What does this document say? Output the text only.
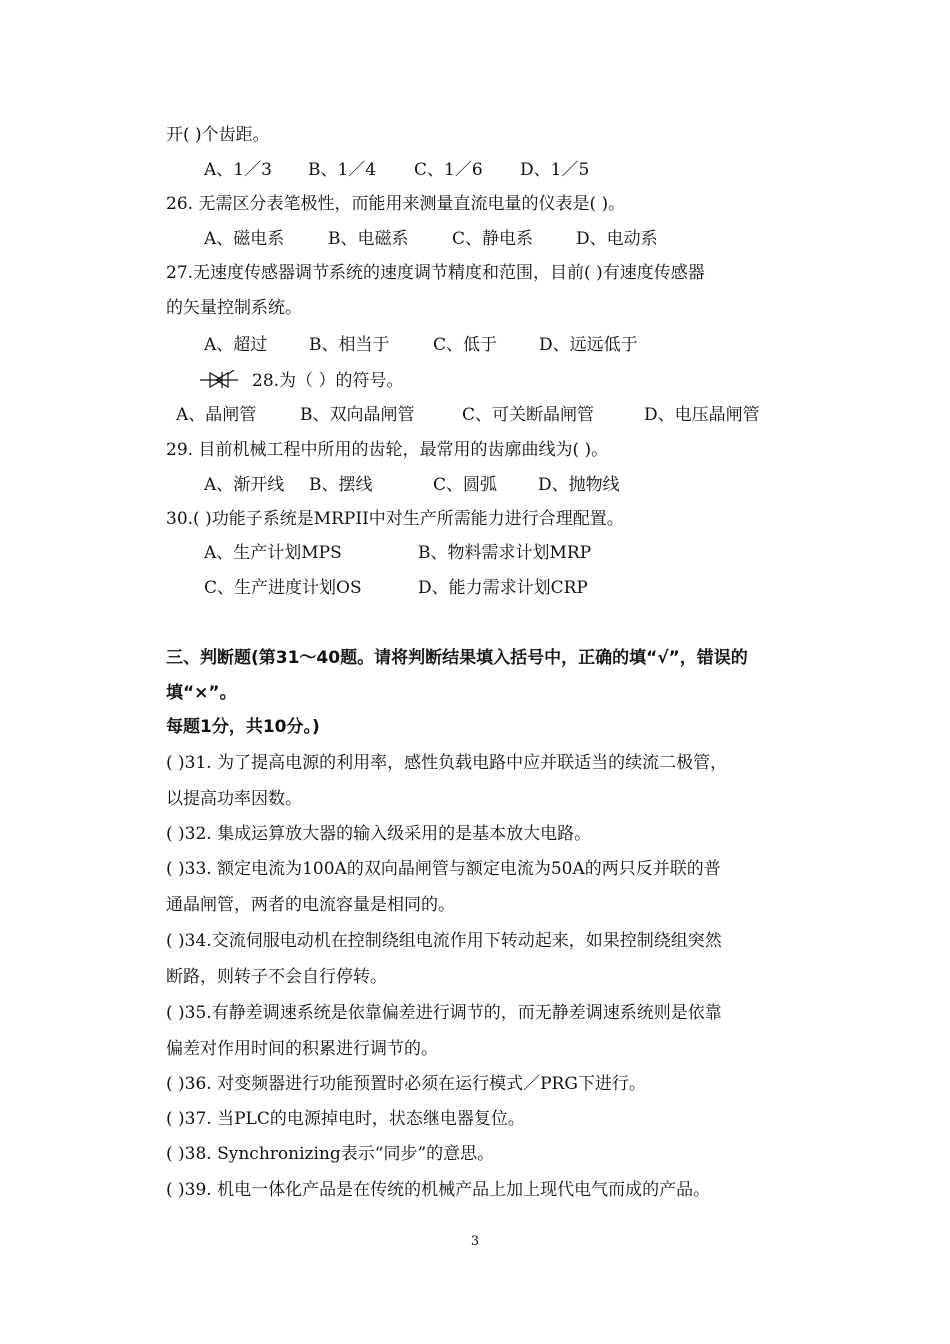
开( )个齿距。
A、1／3 B、1／4 C、1／6 D、1／5
26. 无需区分表笔极性，而能用来测量直流电量的仪表是( )。
A、磁电系	B、电磁系	C、静电系	D、电动系
27.无速度传感器调节系统的速度调节精度和范围，目前( )有速度传感器
的矢量控制系统。
A、超过 B、相当于	C、低于 D、远远低于
28.为（ ）的符号。
A、晶闸管	B、双向晶闸管	C、可关断晶闸管	D、电压晶闸管
29. 目前机械工程中所用的齿轮，最常用的齿廓曲线为( )。
A、渐开线 B、摆线	C、圆弧 D、抛物线
30.( )功能子系统是MRPII中对生产所需能力进行合理配置。
A、生产计划MPS	B、物料需求计划MRP
C、生产进度计划OS	D、能力需求计划CRP
三、判断题(第31～40题。请将判断结果填入括号中，正确的填“√”，错误的
填“×”。
每题1分，共10分。)
( )31. 为了提高电源的利用率，感性负载电路中应并联适当的续流二极管，
以提高功率因数。
( )32. 集成运算放大器的输入级采用的是基本放大电路。
( )33. 额定电流为100A的双向晶闸管与额定电流为50A的两只反并联的普
通晶闸管，两者的电流容量是相同的。
( )34.交流伺服电动机在控制绕组电流作用下转动起来，如果控制绕组突然
断路，则转子不会自行停转。
( )35.有静差调速系统是依靠偏差进行调节的，而无静差调速系统则是依靠
偏差对作用时间的积累进行调节的。
( )36. 对变频器进行功能预置时必须在运行模式／PRG下进行。
( )37. 当PLC的电源掉电时，状态继电器复位。
( )38. Synchronizing表示“同步”的意思。
( )39. 机电一体化产品是在传统的机械产品上加上现代电气而成的产品。
3
